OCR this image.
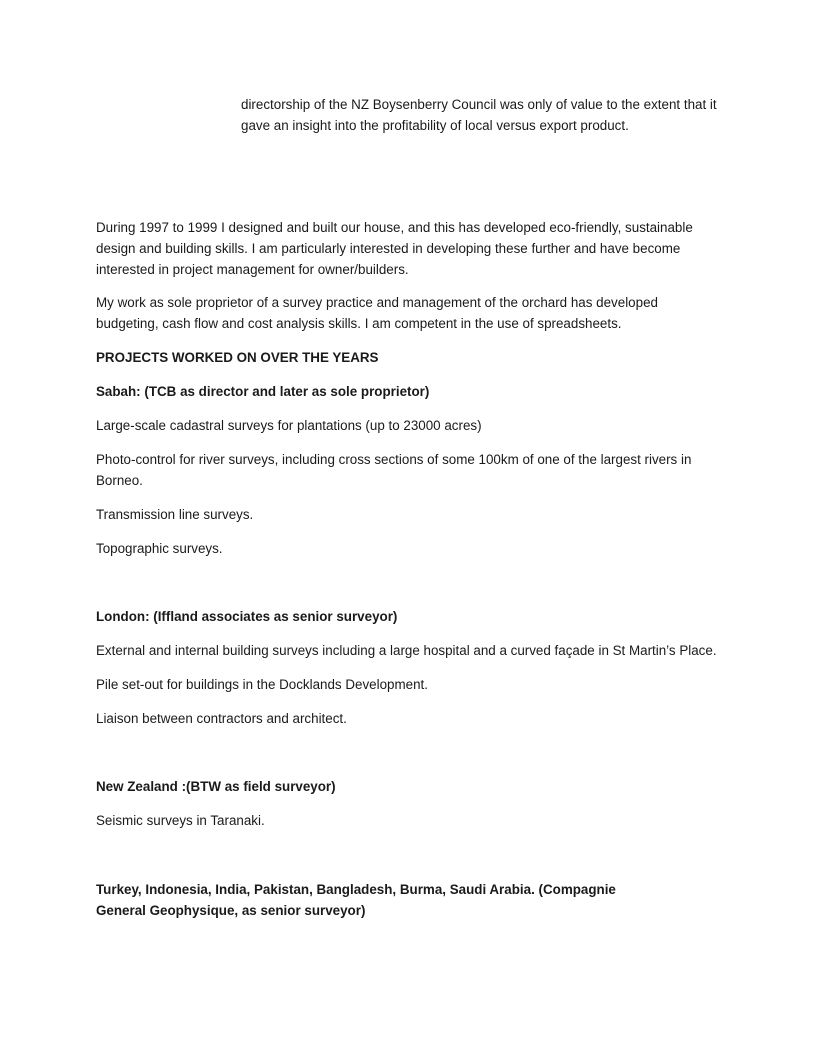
directorship of the NZ Boysenberry Council was only of value to the extent that it gave an insight into the profitability of local versus export product.

During 1997 to 1999 I designed and built our house, and this has developed eco-friendly, sustainable design and building skills. I am particularly interested in developing these further and have become interested in project management for owner/builders.

My work as sole proprietor of a survey practice and management of the orchard has developed budgeting, cash flow and cost analysis skills. I am competent in the use of spreadsheets.

PROJECTS WORKED ON OVER THE YEARS

Sabah: (TCB as director and later as sole proprietor)

Large-scale cadastral surveys for plantations (up to 23000 acres)

Photo-control for river surveys, including cross sections of some 100km of one of the largest rivers in Borneo.

Transmission line surveys.

Topographic surveys.

London: (Iffland associates as senior surveyor)

External and internal building surveys including a large hospital and a curved façade in St Martin’s Place.

Pile set-out for buildings in the Docklands Development.

Liaison between contractors and architect.

New Zealand :(BTW as field surveyor)

Seismic surveys in Taranaki.

Turkey, Indonesia, India, Pakistan, Bangladesh, Burma, Saudi Arabia. (Compagnie General Geophysique, as senior surveyor)
